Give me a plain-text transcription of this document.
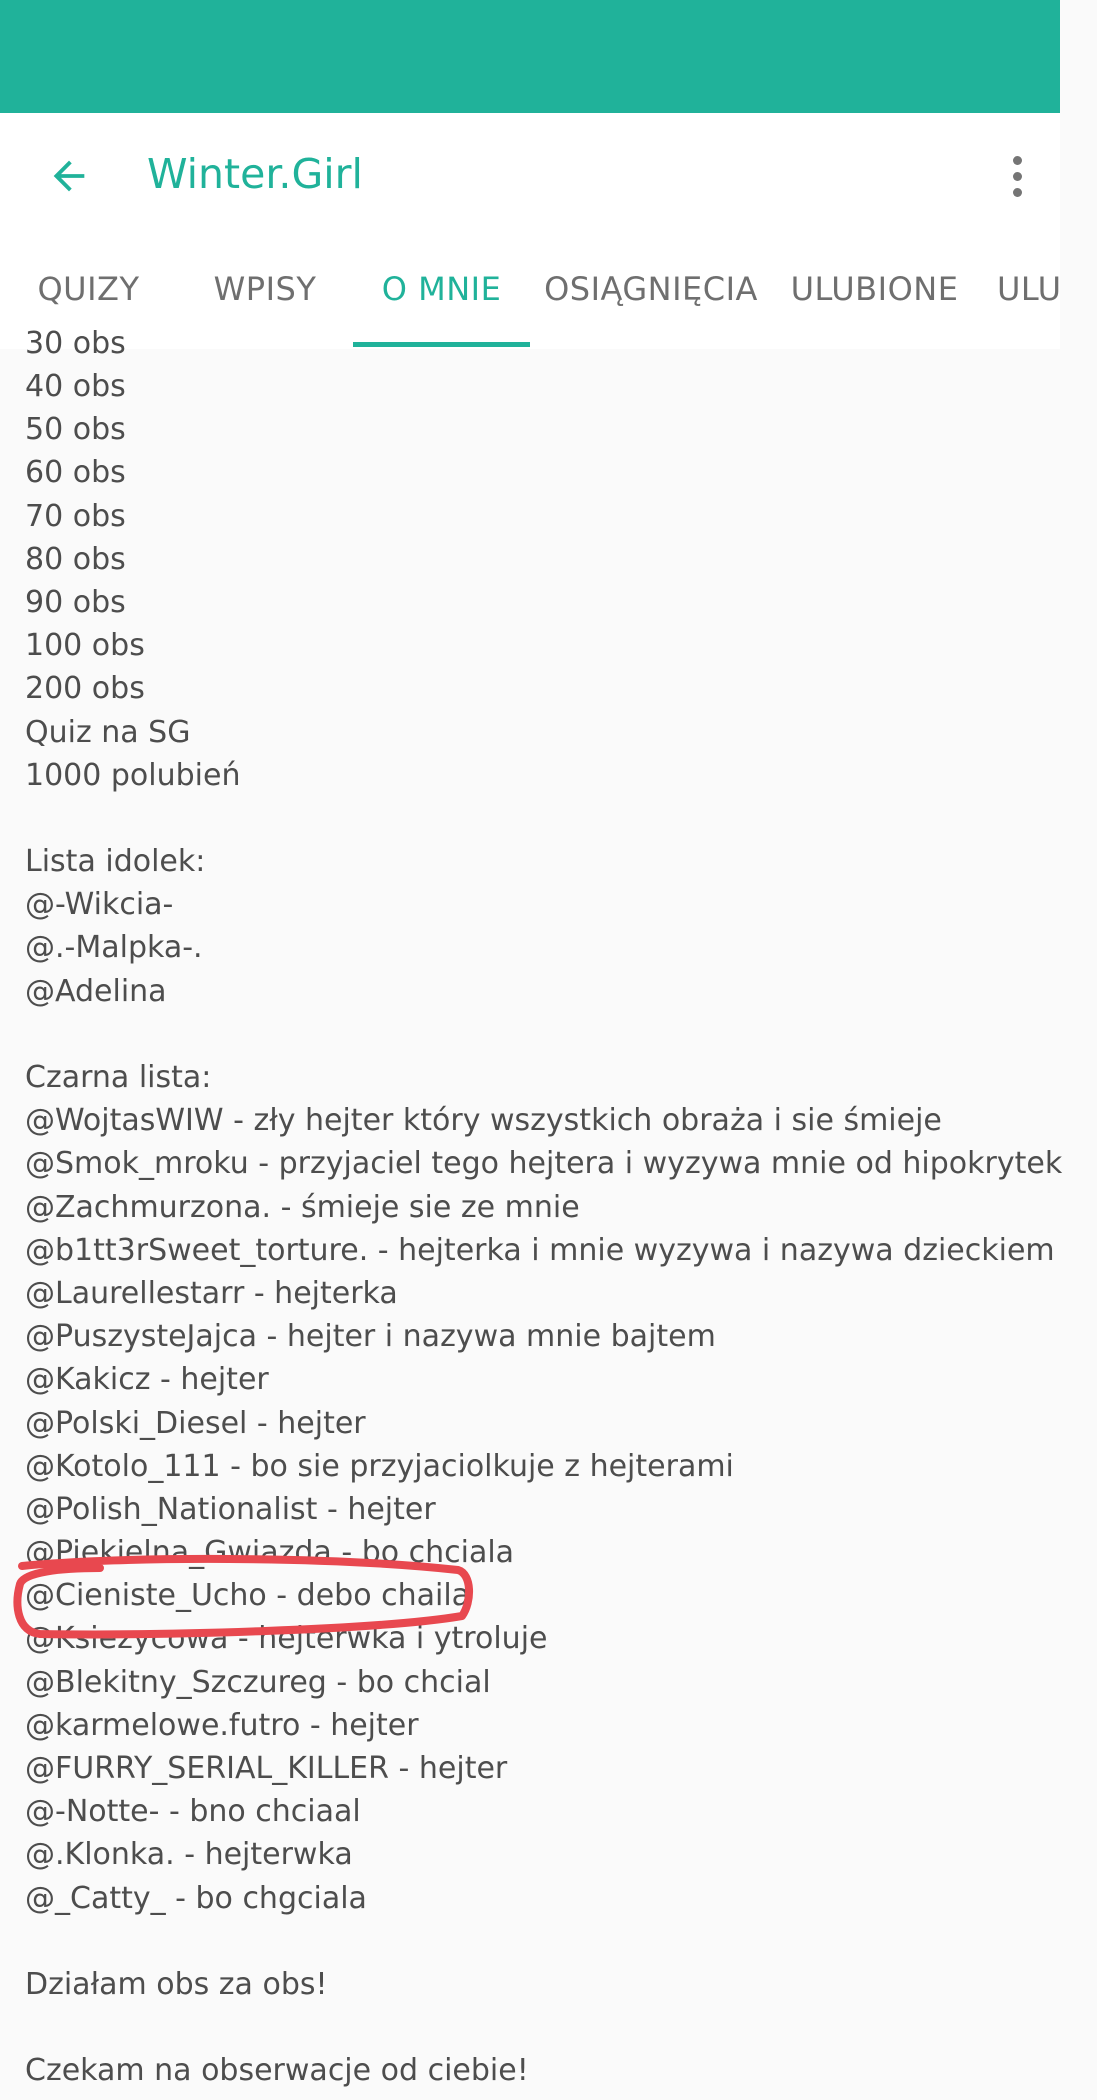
Winter.Girl
QUIZY	WPISY	O MNIE	OSIĄGNIĘCIA	ULUBIONE	ULU
30 obs
40 obs
50 obs
60 obs
70 obs
80 obs
90 obs
100 obs
200 obs
Quiz na SG
1000 polubień
Lista idolek:
@-Wikcia-
@.-Malpka-.
@Adelina
Czarna lista:
@WojtasWIW - zły hejter który wszystkich obraża i sie śmieje
@Smok_mroku - przyjaciel tego hejtera i wyzywa mnie od hipokrytek
@Zachmurzona. - śmieje sie ze mnie
@b1tt3rSweet_torture. - hejterka i mnie wyzywa i nazywa dzieckiem
@Laurellestarr - hejterka
@PuszysteJajca - hejter i nazywa mnie bajtem
@Kakicz - hejter
@Polski_Diesel - hejter
@Kotolo_111 - bo sie przyjaciolkuje z hejterami
@Polish_Nationalist - hejter
@Piekielna_Gwiazda - bo chciala
@Cieniste_Ucho - debo chaila
@Ksiezycowa - hejterwka i ytroluje
@Blekitny_Szczureg - bo chcial
@karmelowe.futro - hejter
@FURRY_SERIAL_KILLER - hejter
@-Notte- - bno chciaal
@.Klonka. - hejterwka
@_Catty_ - bo chgciala
Działam obs za obs!
Czekam na obserwacje od ciebie!
